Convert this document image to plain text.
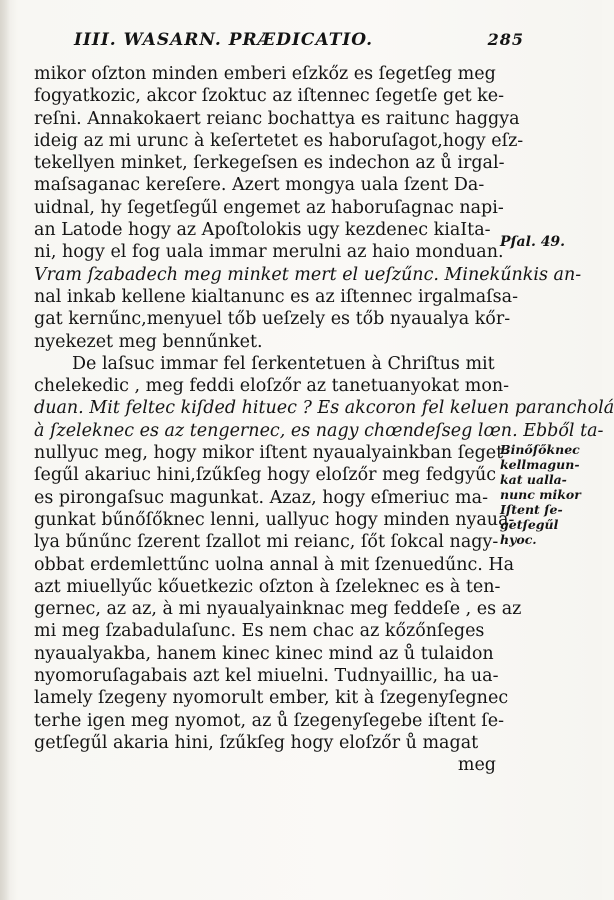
IIII. WASARN. PRÆDICATIO.	285
mikor oſzton minden emberi eſzkőz es ſegetſeg meg
fogyatkozic, akcor ſzoktuc az iſtennec ſegetſe get ke-
reſni. Annakokaert reianc bochattya es raitunc haggya
ideig az mi urunc à keſertetet es haboruſagot,hogy eſz-
tekellyen minket, ſerkegeſsen es indechon az ů irgal-
maſsaganac kereſere. Azert mongya uala ſzent Da-
uidnal, hy ſegetſegűl engemet az haboruſagnac napi-
an Latode hogy az Apoſtolokis ugy kezdenec kiaIta-
ni, hogy el fog uala immar merulni az haio monduan.
Vram ſzabadech meg minket mert el ueſzűnc. Minekűnkis an-
nal inkab kellene kialtanunc es az iſtennec irgalmaſsa-
gat kernűnc,menyuel tőb ueſzely es tőb nyaualya kőr-
nyekezet meg bennűnket.
De laſsuc immar fel ſerkentetuen à Chriſtus mit
chelekedic , meg feddi eloſzőr az tanetuanyokat mon-
duan. Mit feltec kiſded hituec ? Es akcoron fel keluen parancholá
à ſzeleknec es az tengernec, es nagy chœndeſseg lœn. Ebből ta-
nullyuc meg, hogy mikor iſtent nyaualyainkban ſeget-
ſegűl akariuc hini,ſzűkſeg hogy eloſzőr meg fedgyűc
es pirongaſsuc magunkat. Azaz, hogy eſmeriuc ma-
gunkat bűnőſőknec lenni, uallyuc hogy minden nyaua-
lya bűnűnc ſzerent ſzallot mi reianc, ſőt ſokcal nagy-
obbat erdemlettűnc uolna annal à mit ſzenuedűnc. Ha
azt miuellyűc kőuetkezic oſzton à ſzeleknec es à ten-
gernec, az az, à mi nyaualyainknac meg feddeſe , es az
mi meg ſzabadulaſunc. Es nem chac az kőzőnſeges
nyaualyakba, hanem kinec kinec mind az ů tulaidon
nyomoruſagabais azt kel miuelni. Tudnyaillic, ha ua-
lamely ſzegeny nyomorult ember, kit à ſzegenyſegnec
terhe igen meg nyomot, az ů ſzegenyſegebe iſtent ſe-
getſegűl akaria hini, ſzűkſeg hogy eloſzőr ů magat
meg
Pſal. 49.
Binőſőknec
kellmagun-
kat ualla-
nunc mikor
Iſtent ſe-
getſegűl
hyoc.
